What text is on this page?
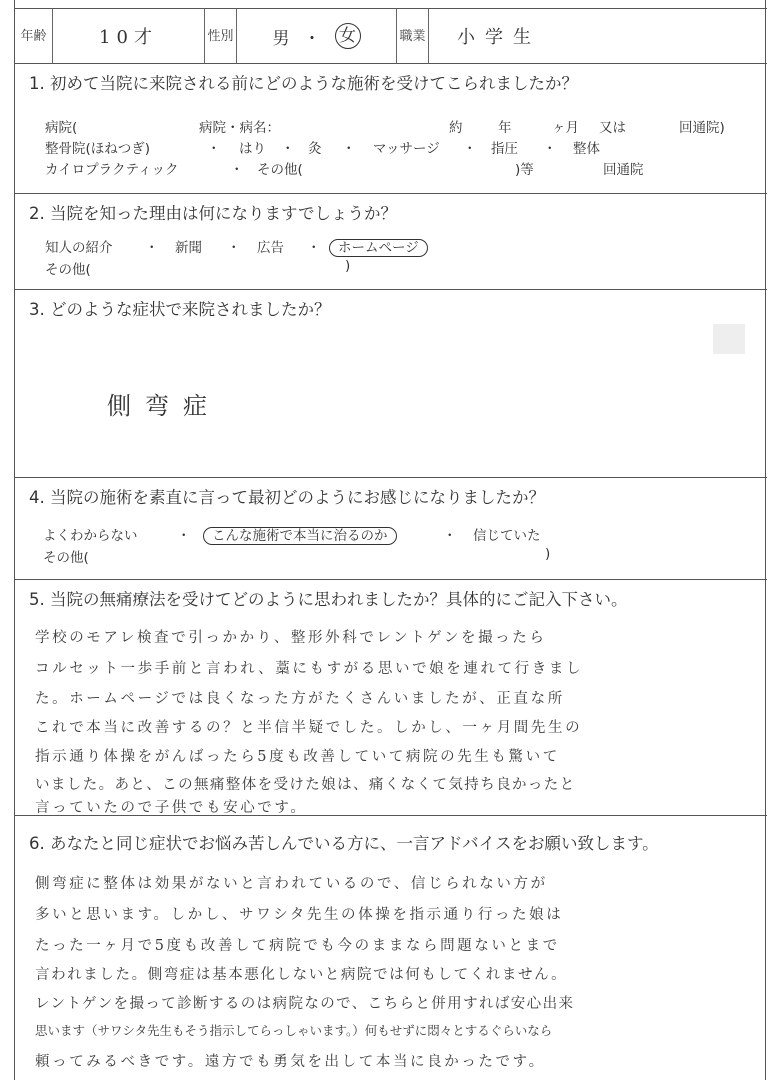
年齢	10才	性別 男 ・ 女	職業	小学生
1. 初めて当院に来院される前にどのような施術を受けてこられましたか？
病院(	病院・病名：	約	年	ヶ月 又は	回通院)
整骨院(ほねつぎ)	・ はり ・ 灸 ・ マッサージ ・ 指圧 ・ 整体
カイロプラクティック	・ その他(	)等	回通院
2. 当院を知った理由は何になりますでしょうか？
知人の紹介 ・ 新聞 ・ 広告 ・ ホームページ
その他(	)
3. どのような症状で来院されましたか？
側弯症
4. 当院の施術を素直に言って最初どのようにお感じになりましたか？
よくわからない	・ こんな施術で本当に治るのか	・ 信じていた
その他(	)
5. 当院の無痛療法を受けてどのように思われましたか？具体的にご記入下さい。
学校のモアレ検査で引っかかり、整形外科でレントゲンを撮ったら
コルセット一歩手前と言われ、藁にもすがる思いで娘を連れて行きまし
た。ホームページでは良くなった方がたくさんいましたが、正直な所
これで本当に改善するの？と半信半疑でした。しかし、一ヶ月間先生の
指示通り体操をがんばったら5度も改善していて病院の先生も驚いて
いました。あと、この無痛整体を受けた娘は、痛くなくて気持ち良かったと
言っていたので子供でも安心です。
6. あなたと同じ症状でお悩み苦しんでいる方に、一言アドバイスをお願い致します。
側弯症に整体は効果がないと言われているので、信じられない方が
多いと思います。しかし、サワシタ先生の体操を指示通り行った娘は
たった一ヶ月で5度も改善して病院でも今のままなら問題ないとまで
言われました。側弯症は基本悪化しないと病院では何もしてくれません。
レントゲンを撮って診断するのは病院なので、こちらと併用すれば安心出来
思います（サワシタ先生もそう指示してらっしゃいます。）何もせずに悶々とするぐらいなら
頼ってみるべきです。遠方でも勇気を出して本当に良かったです。
